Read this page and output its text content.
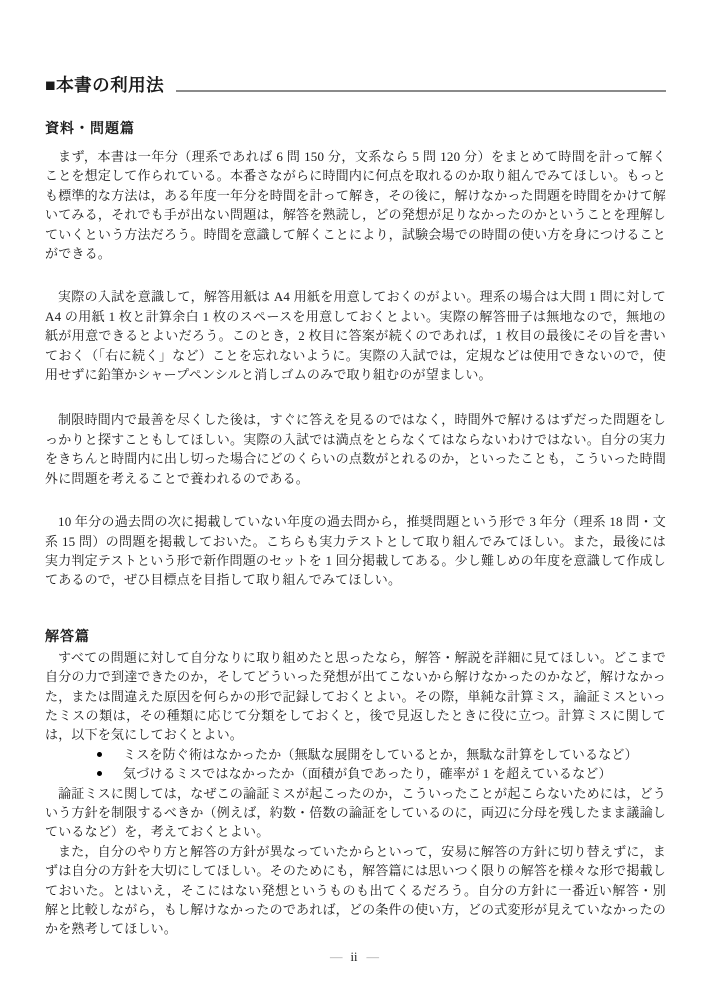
■本書の利用法
資料・問題篇

まず，本書は一年分（理系であれば 6 問 150 分，文系なら 5 問 120 分）をまとめて時間を計って解くことを想定して作られている。本番さながらに時間内に何点を取れるのか取り組んでみてほしい。もっとも標準的な方法は，ある年度一年分を時間を計って解き，その後に，解けなかった問題を時間をかけて解いてみる，それでも手が出ない問題は，解答を熟読し，どの発想が足りなかったのかということを理解していくという方法だろう。時間を意識して解くことにより，試験会場での時間の使い方を身につけることができる。

実際の入試を意識して，解答用紙は A4 用紙を用意しておくのがよい。理系の場合は大問 1 問に対して A4 の用紙 1 枚と計算余白 1 枚のスペースを用意しておくとよい。実際の解答冊子は無地なので，無地の紙が用意できるとよいだろう。このとき，2 枚目に答案が続くのであれば，1 枚目の最後にその旨を書いておく（「右に続く」など）ことを忘れないように。実際の入試では，定規などは使用できないので，使用せずに鉛筆かシャープペンシルと消しゴムのみで取り組むのが望ましい。

制限時間内で最善を尽くした後は，すぐに答えを見るのではなく，時間外で解けるはずだった問題をしっかりと探すこともしてほしい。実際の入試では満点をとらなくてはならないわけではない。自分の実力をきちんと時間内に出し切った場合にどのくらいの点数がとれるのか，といったことも，こういった時間外に問題を考えることで養われるのである。

10 年分の過去問の次に掲載していない年度の過去問から，推奨問題という形で 3 年分（理系 18 問・文系 15 問）の問題を掲載しておいた。こちらも実力テストとして取り組んでみてほしい。また，最後には実力判定テストという形で新作問題のセットを 1 回分掲載してある。少し難しめの年度を意識して作成してあるので，ぜひ目標点を目指して取り組んでみてほしい。

解答篇

すべての問題に対して自分なりに取り組めたと思ったなら，解答・解説を詳細に見てほしい。どこまで自分の力で到達できたのか，そしてどういった発想が出てこないから解けなかったのかなど，解けなかった，または間違えた原因を何らかの形で記録しておくとよい。その際，単純な計算ミス，論証ミスといったミスの類は，その種類に応じて分類をしておくと，後で見返したときに役に立つ。計算ミスに関しては，以下を気にしておくとよい。

ミスを防ぐ術はなかったか（無駄な展開をしているとか，無駄な計算をしているなど）
気づけるミスではなかったか（面積が負であったり，確率が 1 を超えているなど）

論証ミスに関しては，なぜこの論証ミスが起こったのか，こういったことが起こらないためには，どういう方針を制限するべきか（例えば，約数・倍数の論証をしているのに，両辺に分母を残したまま議論しているなど）を，考えておくとよい。

また，自分のやり方と解答の方針が異なっていたからといって，安易に解答の方針に切り替えずに，まずは自分の方針を大切にしてほしい。そのためにも，解答篇には思いつく限りの解答を様々な形で掲載しておいた。とはいえ，そこにはない発想というものも出てくるだろう。自分の方針に一番近い解答・別解と比較しながら，もし解けなかったのであれば，どの条件の使い方，どの式変形が見えていなかったのかを熟考してほしい。

— ii —
